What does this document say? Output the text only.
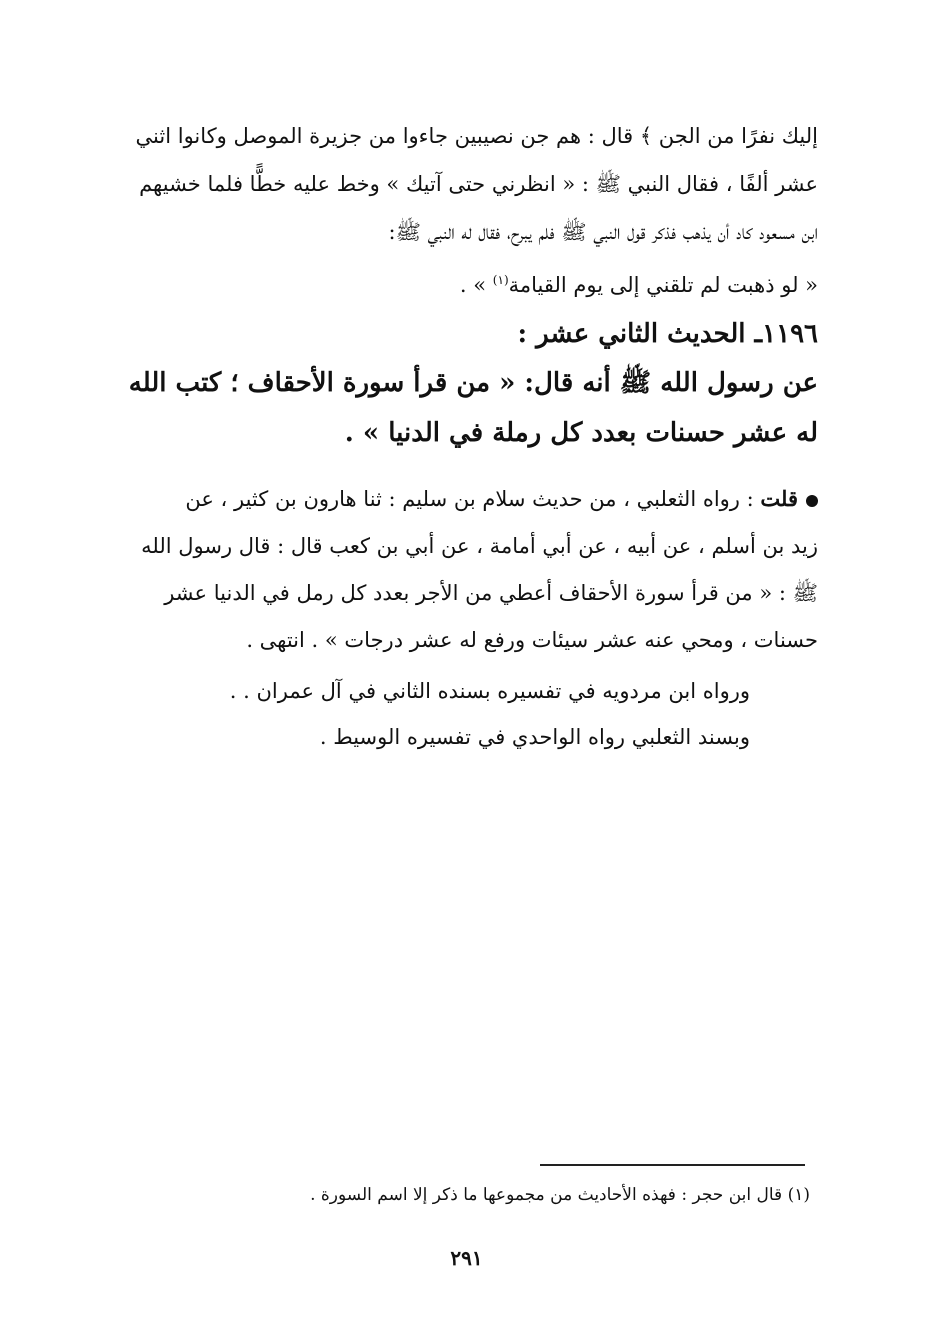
إليك نفرًا من الجن ﴾ قال : هم جن نصيبين جاءوا من جزيرة الموصل وكانوا اثني
عشر ألفًا ، فقال النبي ﷺ : « انظرني حتى آتيك » وخط عليه خطًّا فلما خشيهم
ابن مسعود كاد أن يذهب فذكر قول النبي ﷺ فلم يبرح، فقال له النبي ﷺ:
« لو ذهبت لم تلقني إلى يوم القيامة$^{(١)}$ » .
١١٩٦ـ الحديث الثاني عشر :
عن رسول الله ﷺ أنه قال: « من قرأ سورة الأحقاف ؛ كتب الله
له عشر حسنات بعدد كل رملة في الدنيا » .
قلت : رواه الثعلبي ، من حديث سلام بن سليم : ثنا هارون بن كثير ، عن
زيد بن أسلم ، عن أبيه ، عن أبي أمامة ، عن أبي بن كعب قال : قال رسول الله
ﷺ : « من قرأ سورة الأحقاف أعطي من الأجر بعدد كل رمل في الدنيا عشر
حسنات ، ومحي عنه عشر سيئات ورفع له عشر درجات » . انتهى .
ورواه ابن مردويه في تفسيره بسنده الثاني في آل عمران . .
وبسند الثعلبي رواه الواحدي في تفسيره الوسيط .
(١) قال ابن حجر : فهذه الأحاديث من مجموعها ما ذكر إلا اسم السورة .
٢٩١
